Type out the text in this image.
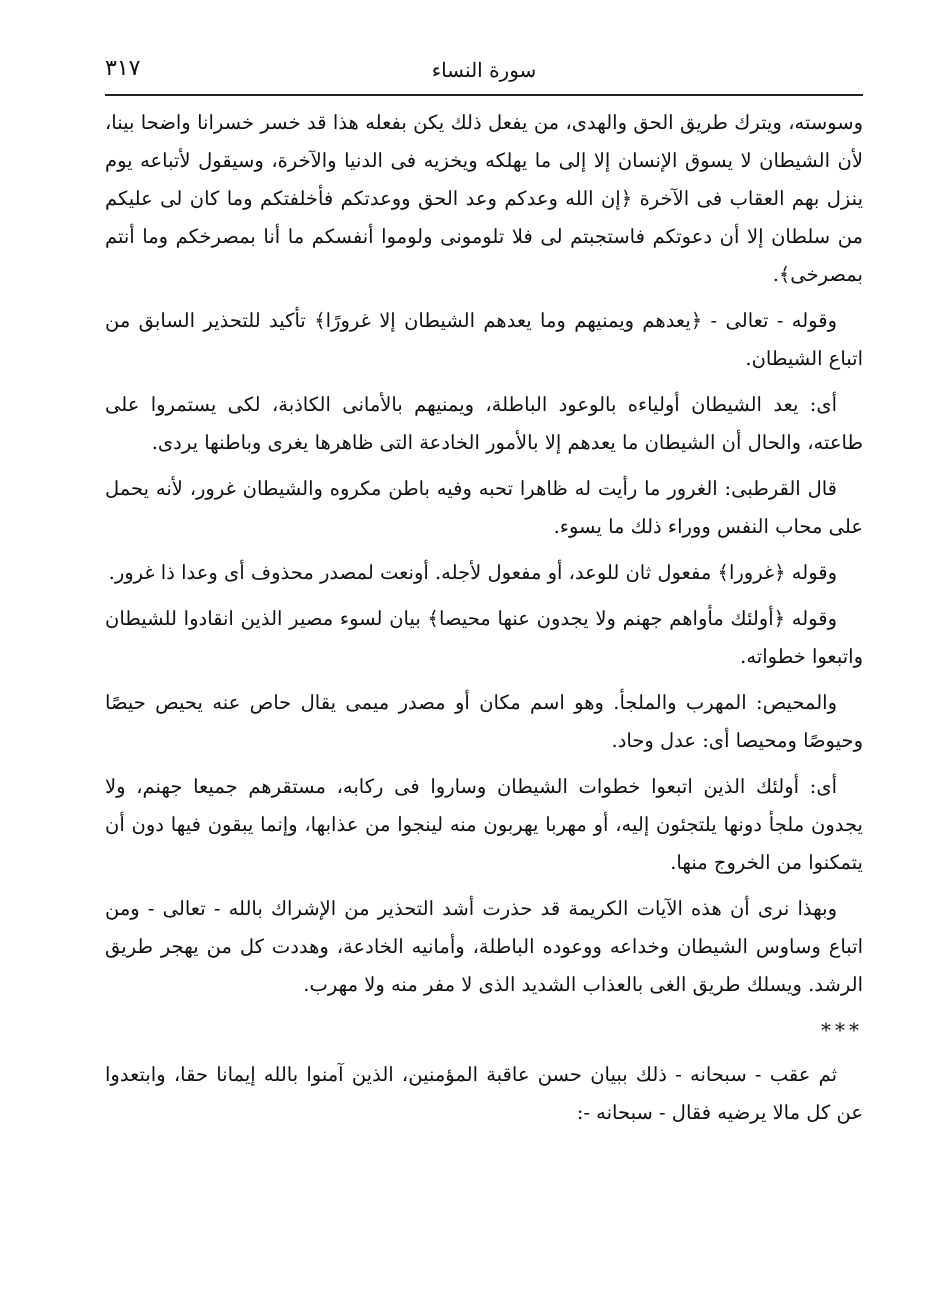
٣١٧	سورة النساء

وسوسته، ويترك طريق الحق والهدى، من يفعل ذلك يكن بفعله هذا قد خسر خسرانا واضحا بينا، لأن الشيطان لا يسوق الإنسان إلا إلى ما يهلكه ويخزيه فى الدنيا والآخرة، وسيقول لأتباعه يوم ينزل بهم العقاب فى الآخرة ﴿إن الله وعدكم وعد الحق ووعدتكم فأخلفتكم وما كان لى عليكم من سلطان إلا أن دعوتكم فاستجبتم لى فلا تلومونى ولوموا أنفسكم ما أنا بمصرخكم وما أنتم بمصرخى﴾.

وقوله - تعالى - ﴿يعدهم ويمنيهم وما يعدهم الشيطان إلا غرورًا﴾ تأكيد للتحذير السابق من اتباع الشيطان.

أى: يعد الشيطان أولياءه بالوعود الباطلة، ويمنيهم بالأمانى الكاذبة، لكى يستمروا على طاعته، والحال أن الشيطان ما يعدهم إلا بالأمور الخادعة التى ظاهرها يغرى وباطنها يردى.

قال القرطبى: الغرور ما رأيت له ظاهرا تحبه وفيه باطن مكروه والشيطان غرور، لأنه يحمل على محاب النفس ووراء ذلك ما يسوء.

وقوله ﴿غرورا﴾ مفعول ثان للوعد، أو مفعول لأجله. أونعت لمصدر محذوف أى وعدا ذا غرور.

وقوله ﴿أولئك مأواهم جهنم ولا يجدون عنها محيصا﴾ بيان لسوء مصير الذين انقادوا للشيطان واتبعوا خطواته.

والمحيص: المهرب والملجأ. وهو اسم مكان أو مصدر ميمى يقال حاص عنه يحيص حيصًا وحيوصًا ومحيصا أى: عدل وحاد.

أى: أولئك الذين اتبعوا خطوات الشيطان وساروا فى ركابه، مستقرهم جميعا جهنم، ولا يجدون ملجأ دونها يلتجئون إليه، أو مهربا يهربون منه لينجوا من عذابها، وإنما يبقون فيها دون أن يتمكنوا من الخروج منها.

وبهذا نرى أن هذه الآيات الكريمة قد حذرت أشد التحذير من الإشراك بالله - تعالى - ومن اتباع وساوس الشيطان وخداعه ووعوده الباطلة، وأمانيه الخادعة، وهددت كل من يهجر طريق الرشد. ويسلك طريق الغى بالعذاب الشديد الذى لا مفر منه ولا مهرب.

***

ثم عقب - سبحانه - ذلك ببيان حسن عاقبة المؤمنين، الذين آمنوا بالله إيمانا حقا، وابتعدوا عن كل مالا يرضيه فقال - سبحانه -:
